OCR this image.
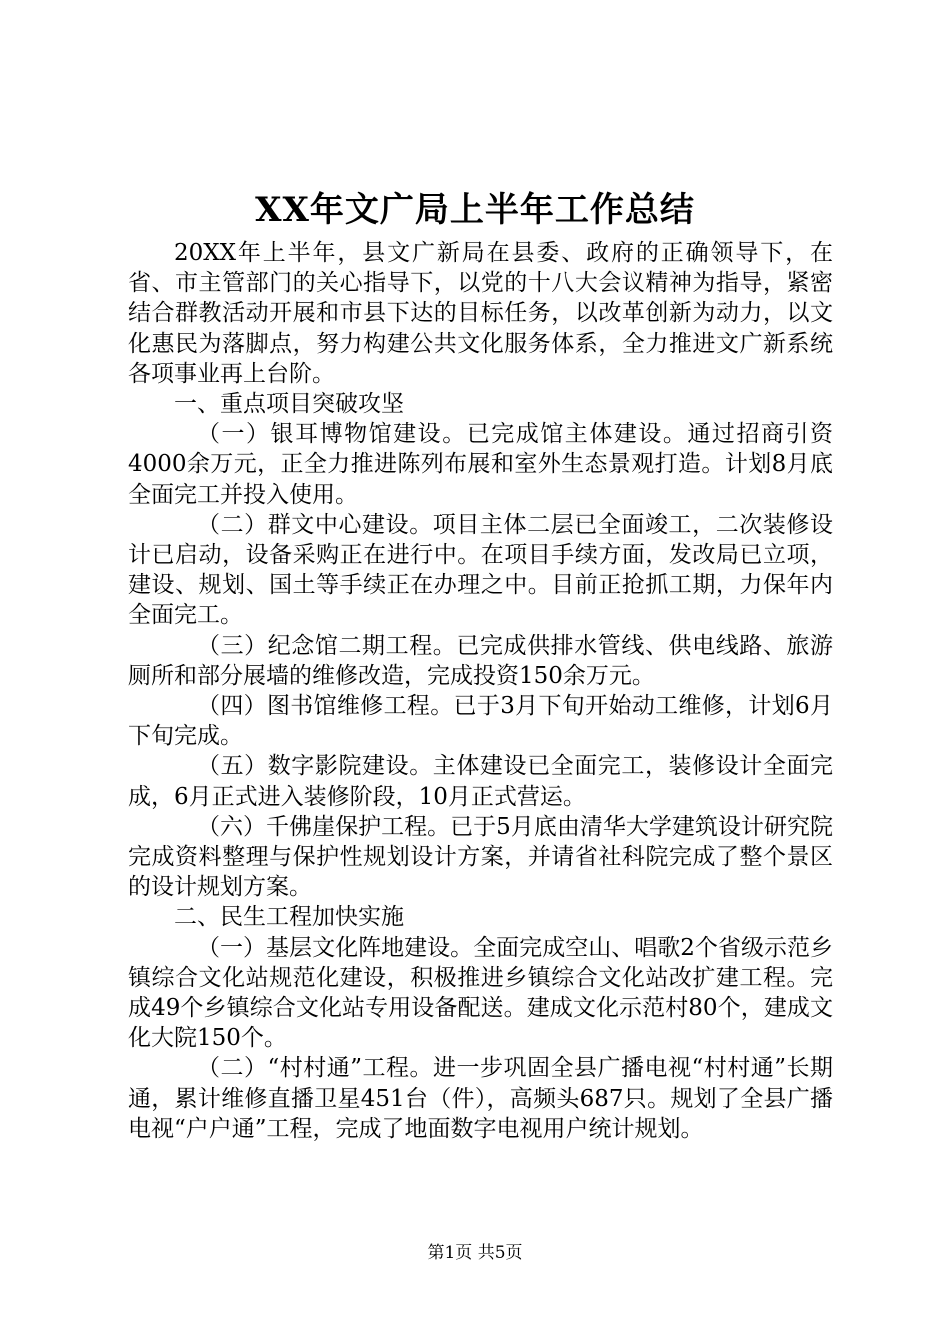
XX年文广局上半年工作总结

20XX年上半年，县文广新局在县委、政府的正确领导下，在省、市主管部门的关心指导下，以党的十八大会议精神为指导，紧密结合群教活动开展和市县下达的目标任务，以改革创新为动力，以文化惠民为落脚点，努力构建公共文化服务体系，全力推进文广新系统各项事业再上台阶。

一、重点项目突破攻坚

（一）银耳博物馆建设。已完成馆主体建设。通过招商引资4000余万元，正全力推进陈列布展和室外生态景观打造。计划8月底全面完工并投入使用。

（二）群文中心建设。项目主体二层已全面竣工，二次装修设计已启动，设备采购正在进行中。在项目手续方面，发改局已立项，建设、规划、国土等手续正在办理之中。目前正抢抓工期，力保年内全面完工。

（三）纪念馆二期工程。已完成供排水管线、供电线路、旅游厕所和部分展墙的维修改造，完成投资150余万元。

（四）图书馆维修工程。已于3月下旬开始动工维修，计划6月下旬完成。

（五）数字影院建设。主体建设已全面完工，装修设计全面完成，6月正式进入装修阶段，10月正式营运。

（六）千佛崖保护工程。已于5月底由清华大学建筑设计研究院完成资料整理与保护性规划设计方案，并请省社科院完成了整个景区的设计规划方案。

二、民生工程加快实施

（一）基层文化阵地建设。全面完成空山、唱歌2个省级示范乡镇综合文化站规范化建设，积极推进乡镇综合文化站改扩建工程。完成49个乡镇综合文化站专用设备配送。建成文化示范村80个，建成文化大院150个。

（二）“村村通”工程。进一步巩固全县广播电视“村村通”长期通，累计维修直播卫星451台（件），高频头687只。规划了全县广播电视“户户通”工程，完成了地面数字电视用户统计规划。

第1页 共5页
